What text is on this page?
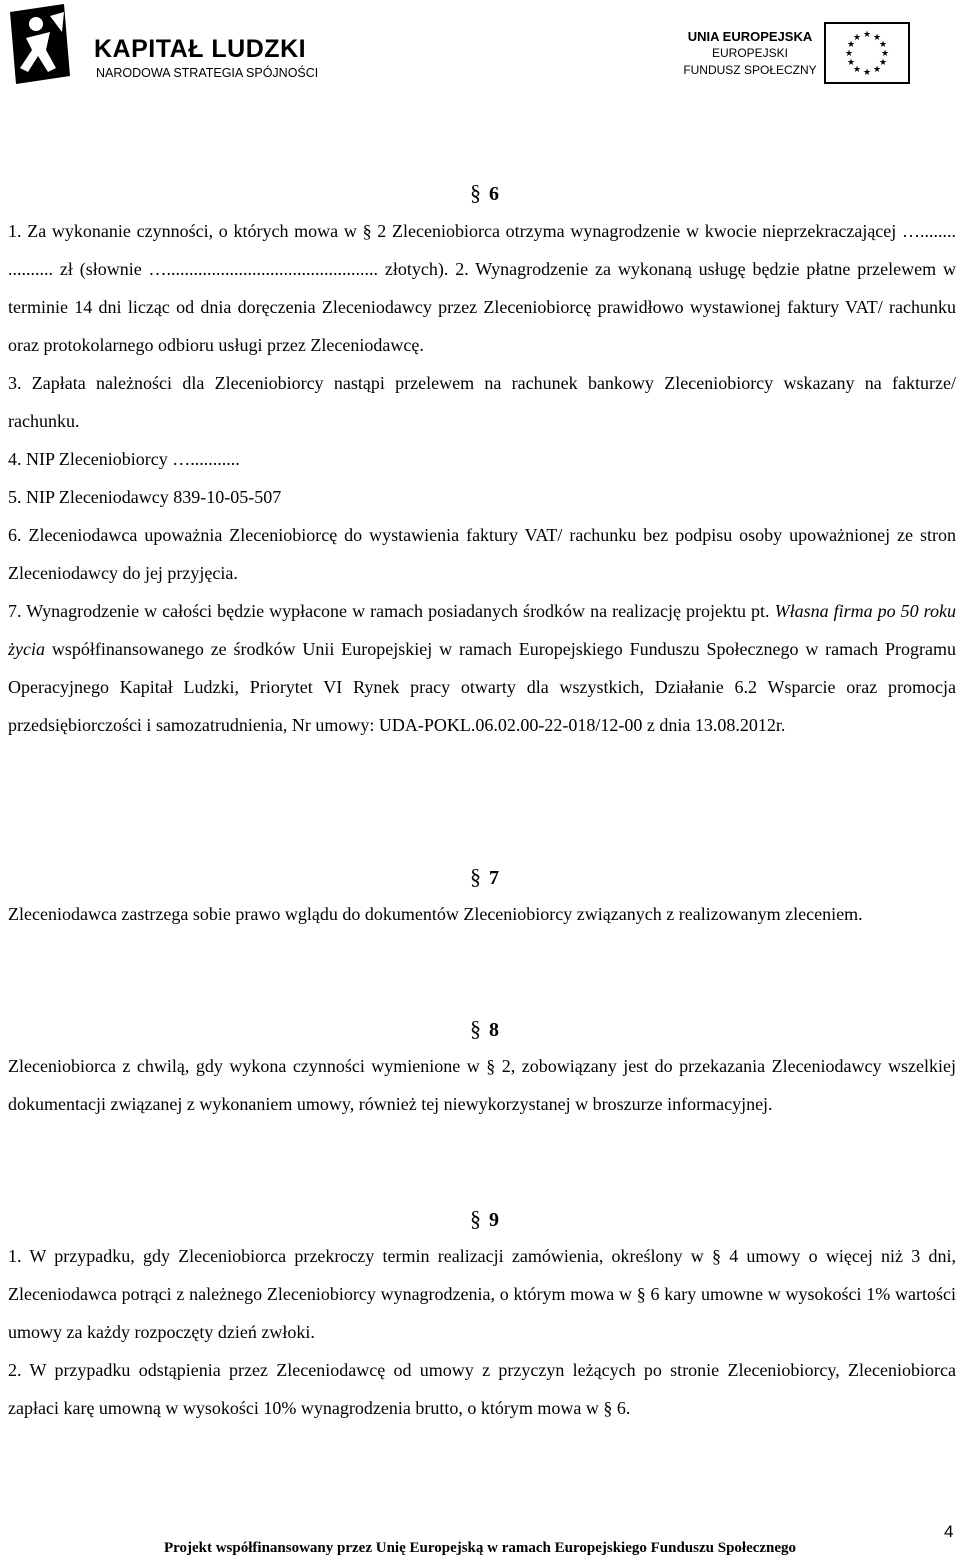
KAPITAŁ LUDZKI
NARODOWA STRATEGIA SPÓJNOŚCI
UNIA EUROPEJSKA
EUROPEJSKI
FUNDUSZ SPOŁECZNY
★ ★
★
★
★
★
★
★
★
★
★
★
§ 6

1. Za wykonanie czynności, o których mowa w § 2 Zleceniobiorca otrzyma wynagrodzenie w kwocie nieprzekraczającej …........ .......... zł (słownie …............................................... złotych). 2. Wynagrodzenie za wykonaną usługę będzie płatne przelewem w terminie 14 dni licząc od dnia doręczenia Zleceniodawcy przez Zleceniobiorcę prawidłowo wystawionej faktury VAT/ rachunku oraz protokolarnego odbioru usługi przez Zleceniodawcę.

3. Zapłata należności dla Zleceniobiorcy nastąpi przelewem na rachunek bankowy Zleceniobiorcy wskazany na fakturze/ rachunku.

4. NIP Zleceniobiorcy …...........

5. NIP Zleceniodawcy 839-10-05-507

6. Zleceniodawca upoważnia Zleceniobiorcę do wystawienia faktury VAT/ rachunku bez podpisu osoby upoważnionej ze stron Zleceniodawcy do jej przyjęcia.

7. Wynagrodzenie w całości będzie wypłacone w ramach posiadanych środków na realizację projektu pt. Własna firma po 50 roku życia współfinansowanego ze środków Unii Europejskiej w ramach Europejskiego Funduszu Społecznego w ramach Programu Operacyjnego Kapitał Ludzki, Priorytet VI Rynek pracy otwarty dla wszystkich, Działanie 6.2 Wsparcie oraz promocja przedsiębiorczości i samozatrudnienia, Nr umowy: UDA-POKL.06.02.00-22-018/12-00 z dnia 13.08.2012r.

§ 7

Zleceniodawca zastrzega sobie prawo wglądu do dokumentów Zleceniobiorcy związanych z realizowanym zleceniem.

§ 8

Zleceniobiorca z chwilą, gdy wykona czynności wymienione w § 2, zobowiązany jest do przekazania Zleceniodawcy wszelkiej dokumentacji związanej z wykonaniem umowy, również tej niewykorzystanej w broszurze informacyjnej.

§ 9

1. W przypadku, gdy Zleceniobiorca przekroczy termin realizacji zamówienia, określony w § 4 umowy o więcej niż 3 dni, Zleceniodawca potrąci z należnego Zleceniobiorcy wynagrodzenia, o którym mowa w § 6 kary umowne w wysokości 1% wartości umowy za każdy rozpoczęty dzień zwłoki.

2. W przypadku odstąpienia przez Zleceniodawcę od umowy z przyczyn leżących po stronie Zleceniobiorcy, Zleceniobiorca zapłaci karę umowną w wysokości 10% wynagrodzenia brutto, o którym mowa w § 6.

4
Projekt współfinansowany przez Unię Europejską w ramach Europejskiego Funduszu Społecznego
